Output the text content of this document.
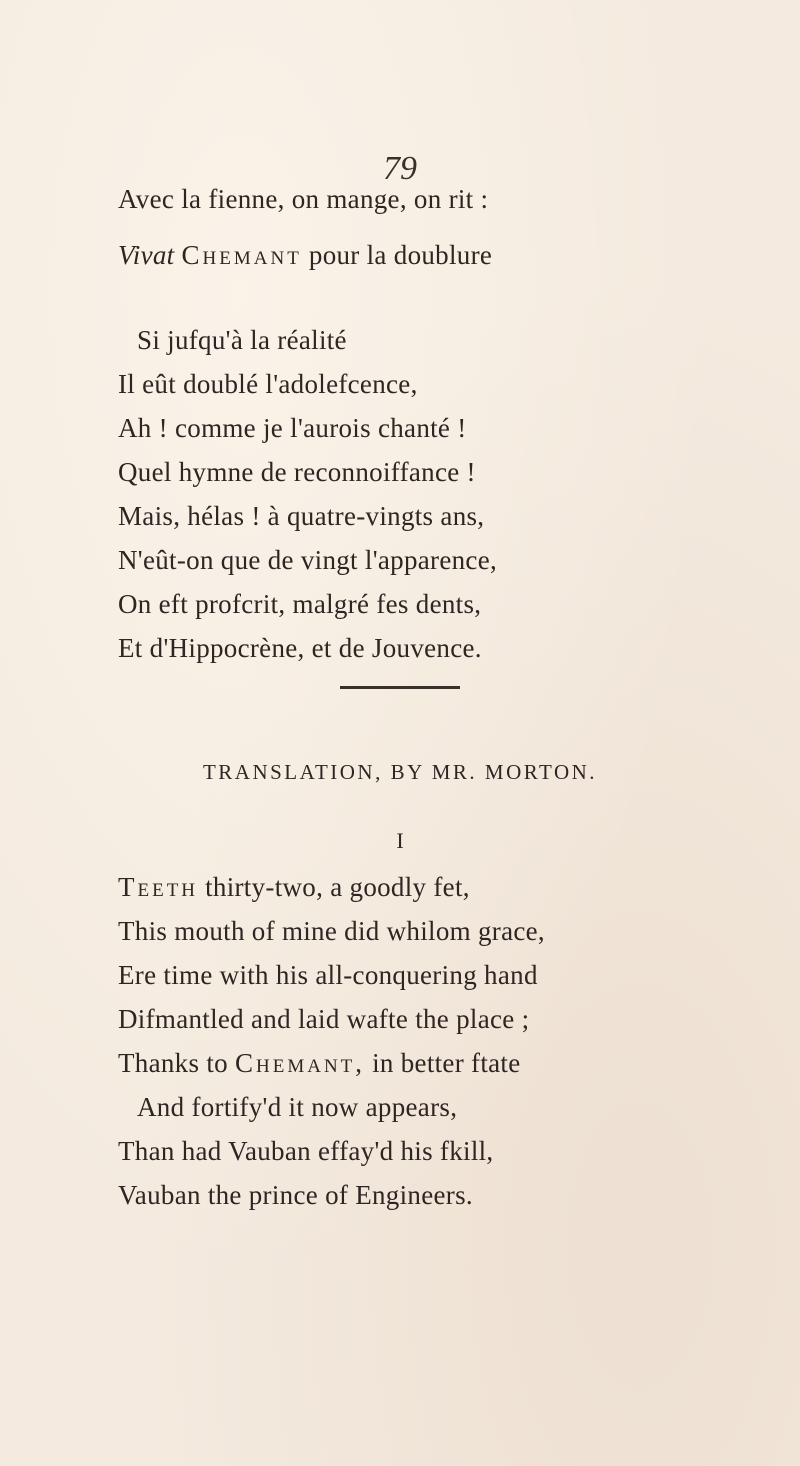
79
Avec la fienne, on mange, on rit :
Vivat Chemant pour la doublure
Si jufqu'à la réalité
Il eût doublé l'adolefcence,
Ah ! comme je l'aurois chanté !
Quel hymne de reconnoiffance !
Mais, hélas ! à quatre-vingts ans,
N'eût-on que de vingt l'apparence,
On eft profcrit, malgré fes dents,
Et d'Hippocrène, et de Jouvence.
TRANSLATION, BY MR. MORTON.
I
Teeth thirty-two, a goodly fet,
This mouth of mine did whilom grace,
Ere time with his all-conquering hand
Difmantled and laid wafte the place ;
Thanks to Chemant, in better ftate
And fortify'd it now appears,
Than had Vauban effay'd his fkill,
Vauban the prince of Engineers.
